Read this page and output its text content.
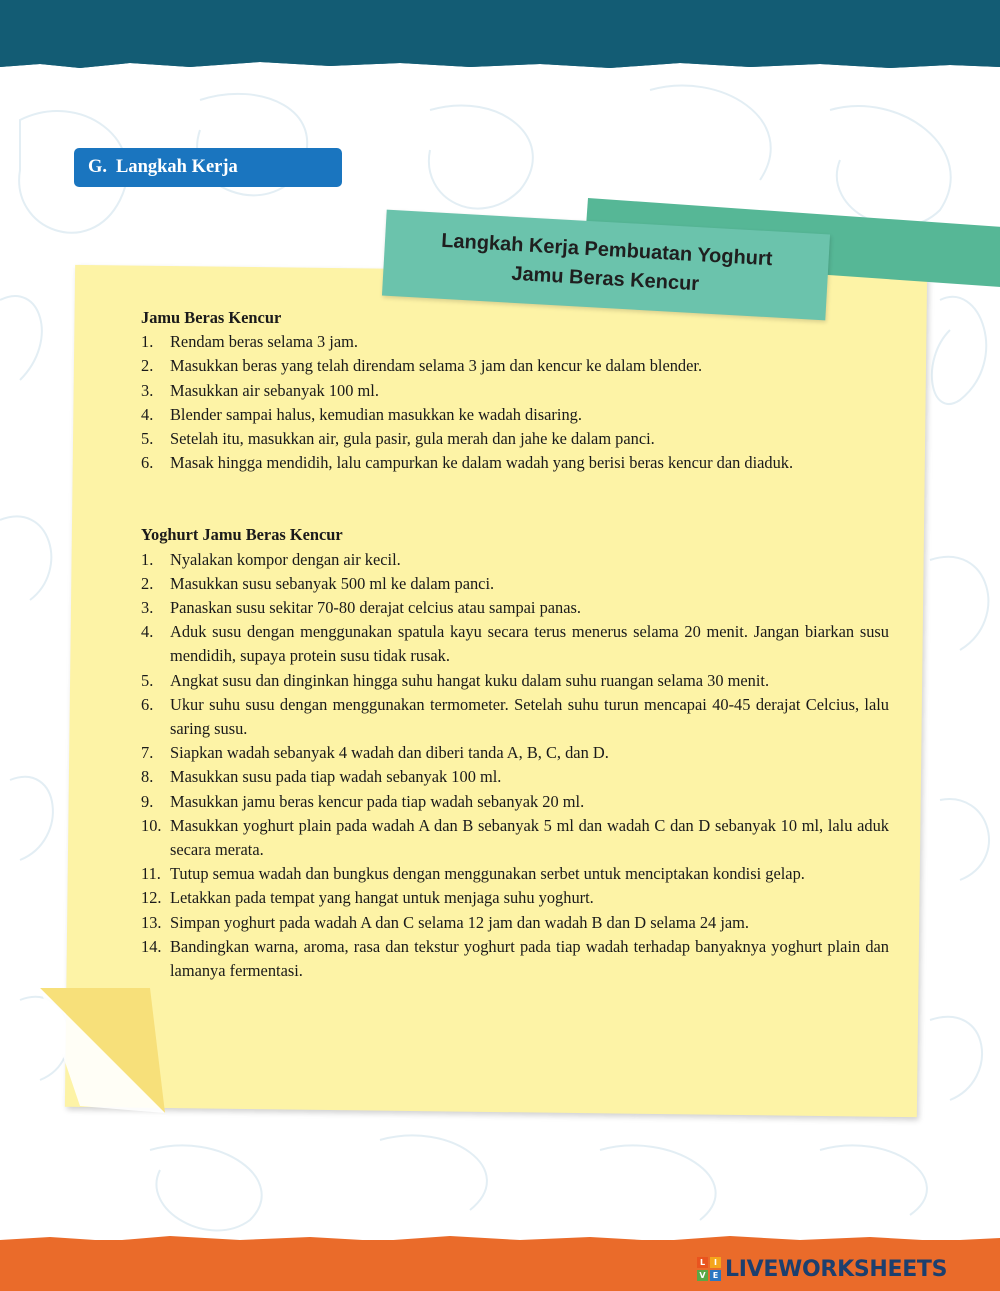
G. Langkah Kerja
Langkah Kerja Pembuatan Yoghurt
Jamu Beras Kencur

Jamu Beras Kencur

1. Rendam beras selama 3 jam.
2. Masukkan beras yang telah direndam selama 3 jam dan kencur ke dalam blender.
3. Masukkan air sebanyak 100 ml.
4. Blender sampai halus, kemudian masukkan ke wadah disaring.
5. Setelah itu, masukkan air, gula pasir, gula merah dan jahe ke dalam panci.
6. Masak hingga mendidih, lalu campurkan ke dalam wadah yang berisi beras kencur dan diaduk.

Yoghurt Jamu Beras Kencur

1. Nyalakan kompor dengan air kecil.
2. Masukkan susu sebanyak 500 ml ke dalam panci.
3. Panaskan susu sekitar 70-80 derajat celcius atau sampai panas.
4. Aduk susu dengan menggunakan spatula kayu secara terus menerus selama 20 menit. Jangan biarkan susu mendidih, supaya protein susu tidak rusak.
5. Angkat susu dan dinginkan hingga suhu hangat kuku dalam suhu ruangan selama 30 menit.
6. Ukur suhu susu dengan menggunakan termometer. Setelah suhu turun mencapai 40-45 derajat Celcius, lalu saring susu.
7. Siapkan wadah sebanyak 4 wadah dan diberi tanda A, B, C, dan D.
8. Masukkan susu pada tiap wadah sebanyak 100 ml.
9. Masukkan jamu beras kencur pada tiap wadah sebanyak 20 ml.
10. Masukkan yoghurt plain pada wadah A dan B sebanyak 5 ml dan wadah C dan D sebanyak 10 ml, lalu aduk secara merata.
11. Tutup semua wadah dan bungkus dengan menggunakan serbet untuk menciptakan kondisi gelap.
12. Letakkan pada tempat yang hangat untuk menjaga suhu yoghurt.
13. Simpan yoghurt pada wadah A dan C selama 12 jam dan wadah B dan D selama 24 jam.
14. Bandingkan warna, aroma, rasa dan tekstur yoghurt pada tiap wadah terhadap banyaknya yoghurt plain dan lamanya fermentasi.
L	I
V E LIVEWORKSHEETS
